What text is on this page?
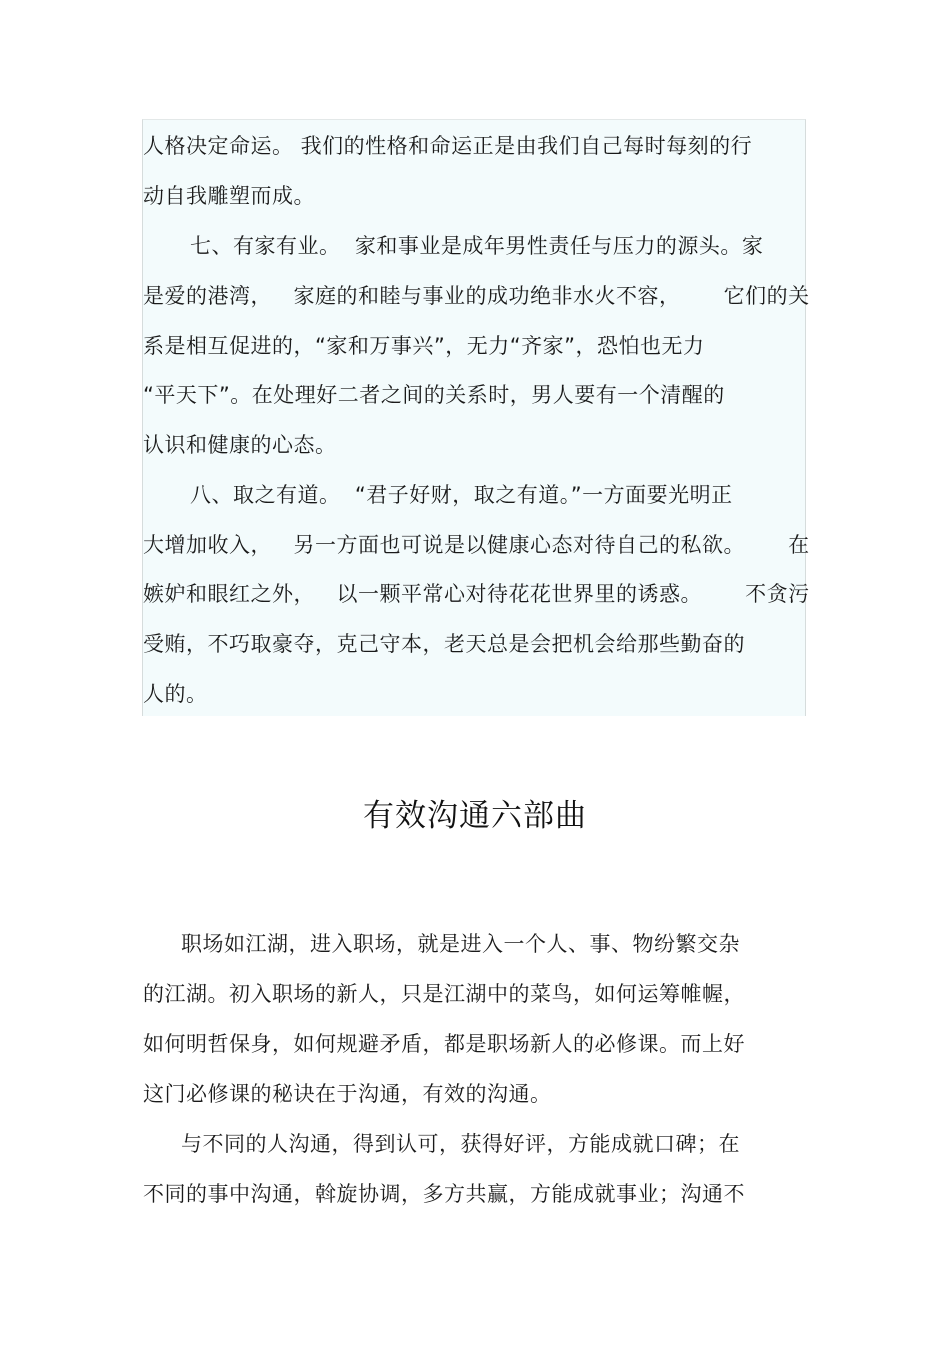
人格决定命运。 我们的性格和命运正是由我们自己每时每刻的行
动自我雕塑而成。
七、有家有业。  家和事业是成年男性责任与压力的源头。家
是爱的港湾，   家庭的和睦与事业的成功绝非水火不容，      它们的关
系是相互促进的，“家和万事兴”，无力“齐家”，恐怕也无力
“平天下”。在处理好二者之间的关系时，男人要有一个清醒的
认识和健康的心态。
八、取之有道。  “君子好财，取之有道。”一方面要光明正
大增加收入，   另一方面也可说是以健康心态对待自己的私欲。      在
嫉妒和眼红之外，   以一颗平常心对待花花世界里的诱惑。      不贪污
受贿，不巧取豪夺，克己守本，老天总是会把机会给那些勤奋的
人的。
有效沟通六部曲
职场如江湖，进入职场，就是进入一个人、事、物纷繁交杂
的江湖。初入职场的新人，只是江湖中的菜鸟，如何运筹帷幄，
如何明哲保身，如何规避矛盾，都是职场新人的必修课。而上好
这门必修课的秘诀在于沟通，有效的沟通。
与不同的人沟通，得到认可，获得好评，方能成就口碑；在
不同的事中沟通，斡旋协调，多方共赢，方能成就事业；沟通不
